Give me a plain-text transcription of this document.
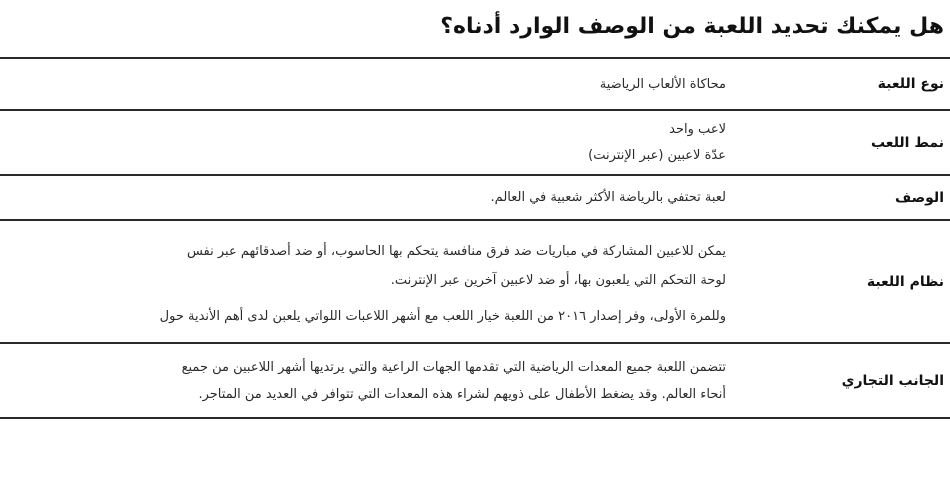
هل يمكنك تحديد اللعبة من الوصف الوارد أدناه؟
نوع اللعبة

محاكاة الألعاب الرياضية

نمط اللعب

لاعب واحد

عدّة لاعبين (عبر الإنترنت)

الوصف

لعبة تحتفي بالرياضة الأكثر شعبية في العالم.

نظام اللعبة

يمكن للاعبين المشاركة في مباريات ضد فرق منافسة يتحكم بها الحاسوب، أو ضد أصدقائهم عبر نفس

لوحة التحكم التي يلعبون بها، أو ضد لاعبين آخرين عبر الإنترنت.

وللمرة الأولى، وفر إصدار ٢٠١٦ من اللعبة خيار اللعب مع أشهر اللاعبات اللواتي يلعبن لدى أهم الأندية حول

الجانب التجاري

تتضمن اللعبة جميع المعدات الرياضية التي تقدمها الجهات الراعية والتي يرتديها أشهر اللاعبين من جميع

أنحاء العالم. وقد يضغط الأطفال على ذويهم لشراء هذه المعدات التي تتوافر في العديد من المتاجر.
